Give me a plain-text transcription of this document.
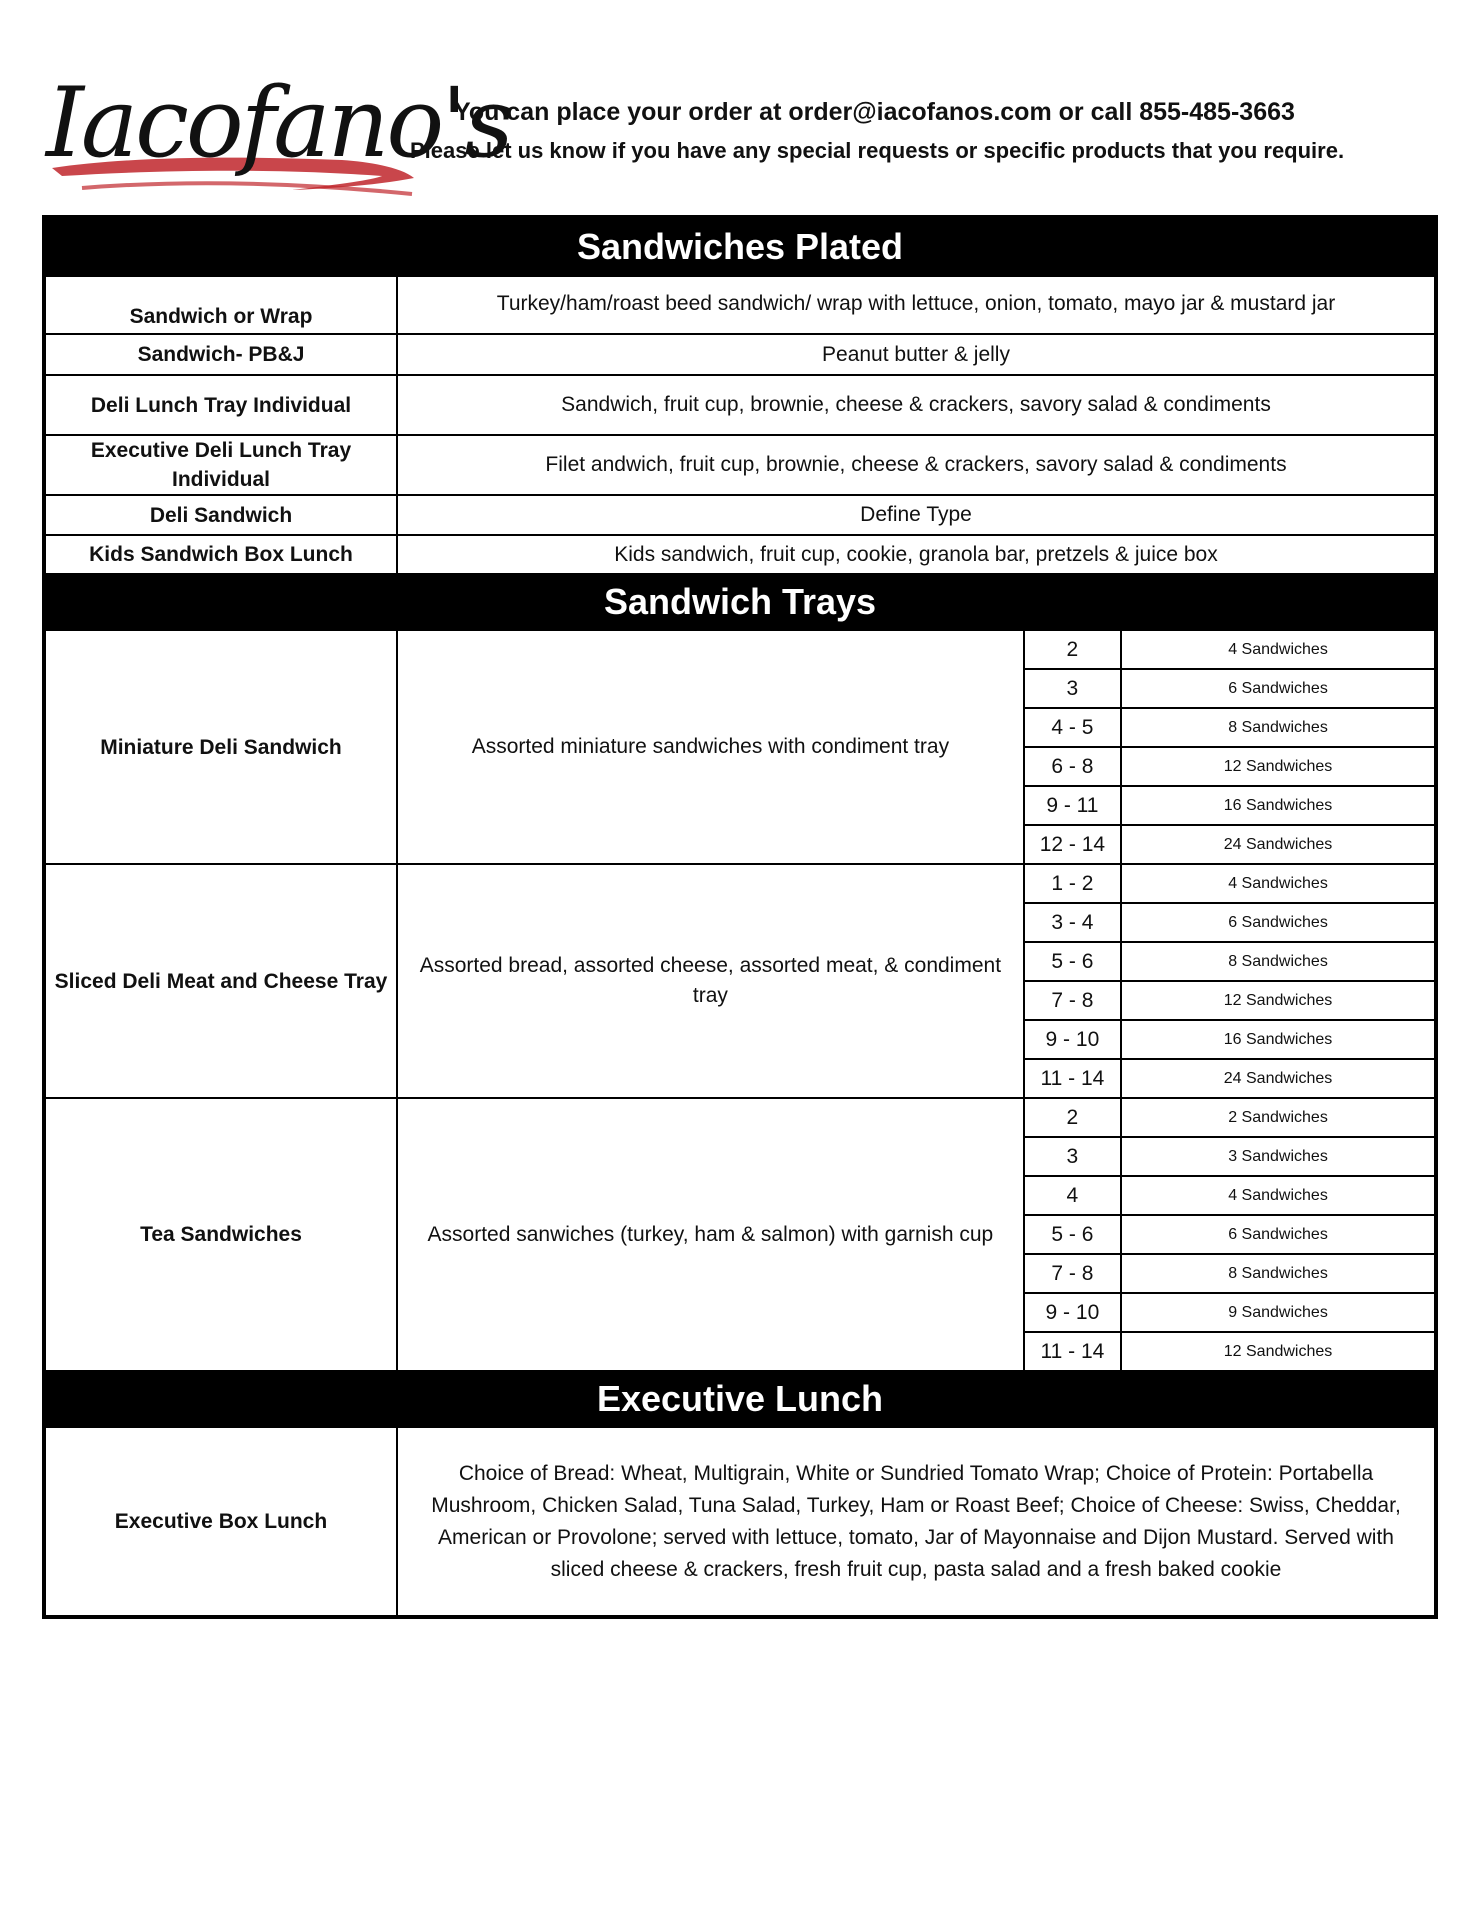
Iacofano's
You can place your order at order@iacofanos.com or call 855-485-3663
Please let us know if you have any special requests or specific products that you require.
Sandwiches Plated			
Sandwich or Wrap	Turkey/ham/roast beed sandwich/ wrap with lettuce, onion, tomato, mayo jar & mustard jar		
Sandwich- PB&J	Peanut butter & jelly		
Deli Lunch Tray Individual	Sandwich, fruit cup, brownie, cheese & crackers, savory salad & condiments		
Executive Deli Lunch Tray Individual	Filet andwich, fruit cup, brownie, cheese & crackers, savory salad & condiments		
Deli Sandwich	Define Type		
Kids Sandwich Box Lunch	Kids sandwich, fruit cup, cookie, granola bar, pretzels & juice box		
Sandwich Trays			
Miniature Deli Sandwich	Assorted miniature sandwiches with condiment tray	2	4 Sandwiches
		3	6 Sandwiches
		4 - 5	8 Sandwiches
		6 - 8	12 Sandwiches
		9 - 11	16 Sandwiches
		12 - 14	24 Sandwiches
Sliced Deli Meat and Cheese Tray	Assorted bread, assorted cheese, assorted meat, & condiment tray	1 - 2	4 Sandwiches
		3 - 4	6 Sandwiches
		5 - 6	8 Sandwiches
		7 - 8	12 Sandwiches
		9 - 10	16 Sandwiches
		11 - 14	24 Sandwiches
Tea Sandwiches	Assorted sanwiches (turkey, ham & salmon) with garnish cup	2	2 Sandwiches
		3	3 Sandwiches
		4	4 Sandwiches
		5 - 6	6 Sandwiches
		7 - 8	8 Sandwiches
		9 - 10	9 Sandwiches
		11 - 14	12 Sandwiches
Executive Lunch			
Executive Box Lunch	Choice of Bread: Wheat, Multigrain, White or Sundried Tomato Wrap; Choice of Protein: Portabella Mushroom, Chicken Salad, Tuna Salad, Turkey, Ham or Roast Beef; Choice of Cheese: Swiss, Cheddar, American or Provolone; served with lettuce, tomato, Jar of Mayonnaise and Dijon Mustard. Served with sliced cheese & crackers, fresh fruit cup, pasta salad and a fresh baked cookie		
